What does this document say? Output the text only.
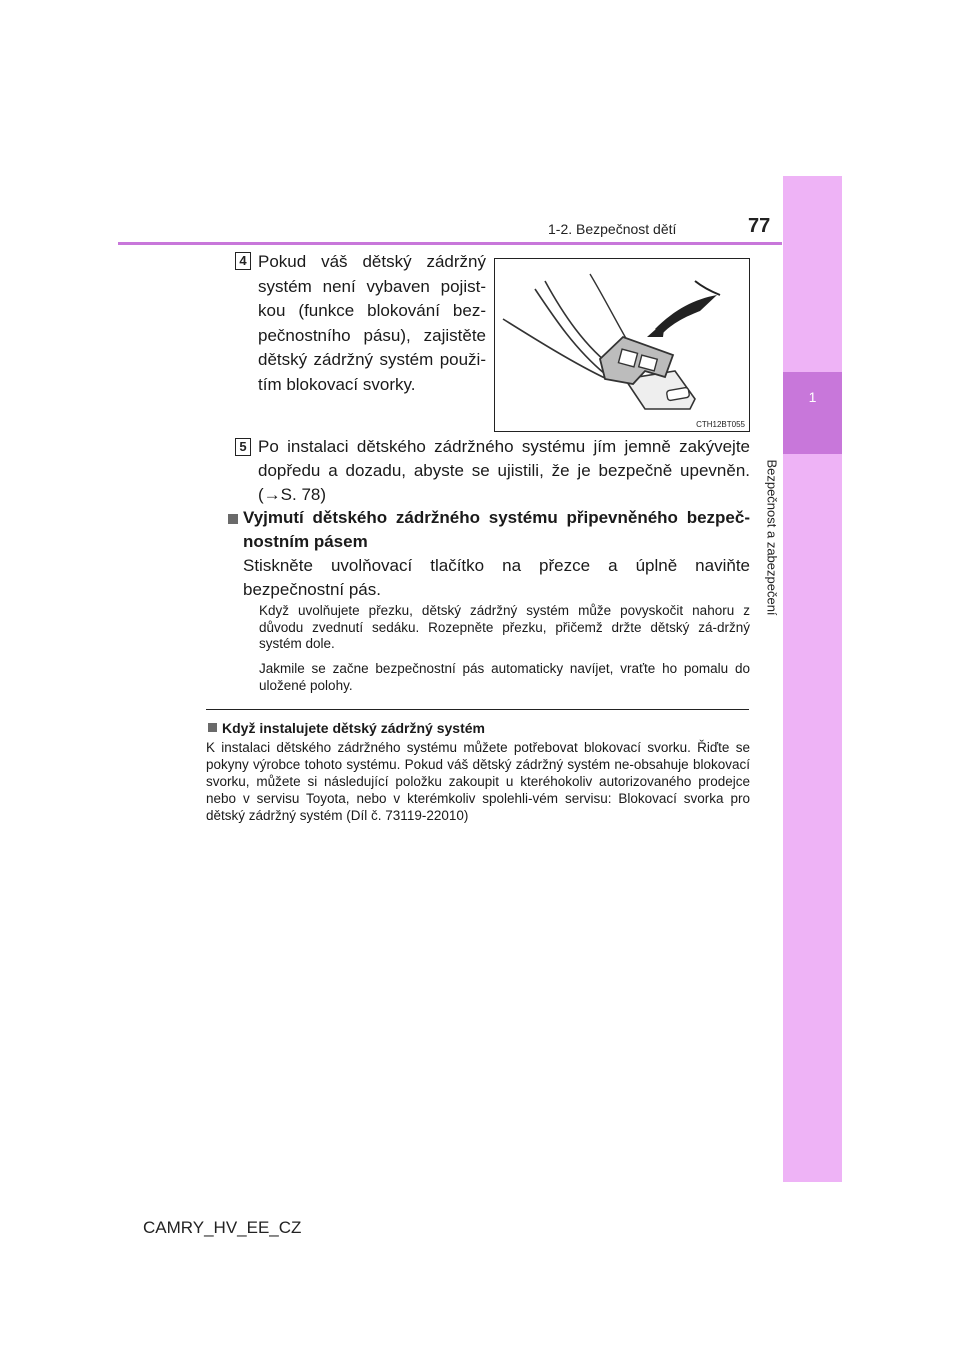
1
Bezpečnost a zabezpečení
1-2. Bezpečnost dětí	77
4 Pokud váš dětský zádržný
systém není vybaven pojist-
kou (funkce blokování bez-
pečnostního pásu), zajistěte
dětský zádržný systém použi-
tím blokovací svorky.
CTH12BT055
5 Po instalaci dětského zádržného systému jím jemně zakývejte dopředu a dozadu, abyste se ujistili, že je bezpečně upevněn. (→S. 78)
Vyjmutí dětského zádržného systému připevněného bezpeč-nostním pásem
Stiskněte uvolňovací tlačítko na přezce a úplně naviňte bezpečnostní pás.
Když uvolňujete přezku, dětský zádržný systém může povyskočit nahoru z důvodu zvednutí sedáku. Rozepněte přezku, přičemž držte dětský zá-držný systém dole.
Jakmile se začne bezpečnostní pás automaticky navíjet, vraťte ho pomalu do uložené polohy.
Když instalujete dětský zádržný systém
K instalaci dětského zádržného systému můžete potřebovat blokovací svorku. Řiďte se pokyny výrobce tohoto systému. Pokud váš dětský zádržný systém ne-obsahuje blokovací svorku, můžete si následující položku zakoupit u kteréhokoliv autorizovaného prodejce nebo v servisu Toyota, nebo v kterémkoliv spolehli-vém servisu: Blokovací svorka pro dětský zádržný systém (Díl č. 73119-22010)
CAMRY_HV_EE_CZ
